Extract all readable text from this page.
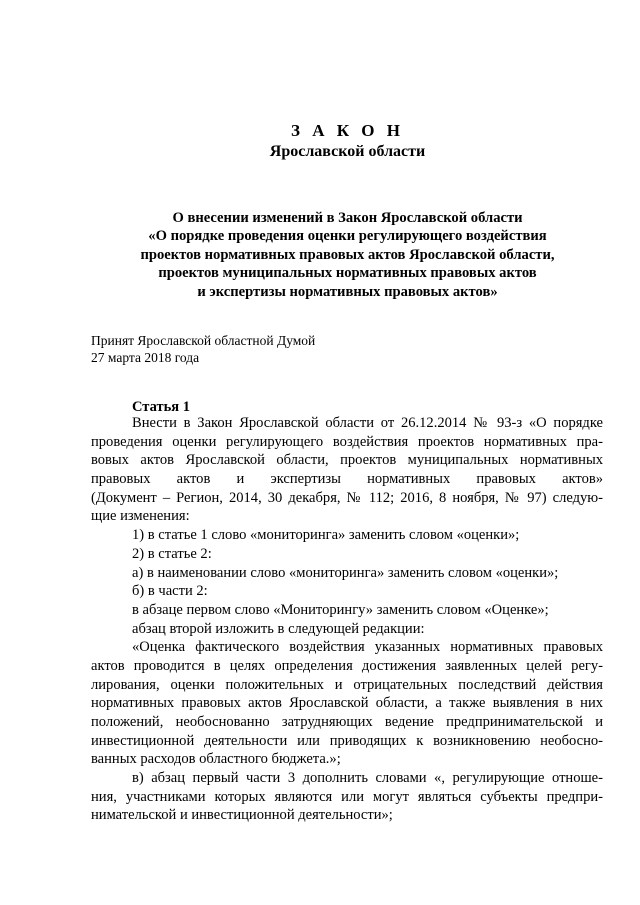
З А К О Н
Ярославской области
О внесении изменений в Закон Ярославской области
«О порядке проведения оценки регулирующего воздействия
проектов нормативных правовых актов Ярославской области,
проектов муниципальных нормативных правовых актов
и экспертизы нормативных правовых актов»
Принят Ярославской областной Думой
27 марта 2018 года
Статья 1
Внести в Закон Ярославской области от 26.12.2014 № 93-з «О порядке
проведения оценки регулирующего воздействия проектов нормативных пра-
вовых актов Ярославской области, проектов муниципальных нормативных
правовых актов и экспертизы нормативных правовых актов»
(Документ – Регион, 2014, 30 декабря, № 112; 2016, 8 ноября, № 97) следую-
щие изменения:
1) в статье 1 слово «мониторинга» заменить словом «оценки»;
2) в статье 2:
а) в наименовании слово «мониторинга» заменить словом «оценки»;
б) в части 2:
в абзаце первом слово «Мониторингу» заменить словом «Оценке»;
абзац второй изложить в следующей редакции:
«Оценка фактического воздействия указанных нормативных правовых
актов проводится в целях определения достижения заявленных целей регу-
лирования, оценки положительных и отрицательных последствий действия
нормативных правовых актов Ярославской области, а также выявления в них
положений, необоснованно затрудняющих ведение предпринимательской и
инвестиционной деятельности или приводящих к возникновению необосно-
ванных расходов областного бюджета.»;
в) абзац первый части 3 дополнить словами «, регулирующие отноше-
ния, участниками которых являются или могут являться субъекты предпри-
нимательской и инвестиционной деятельности»;
